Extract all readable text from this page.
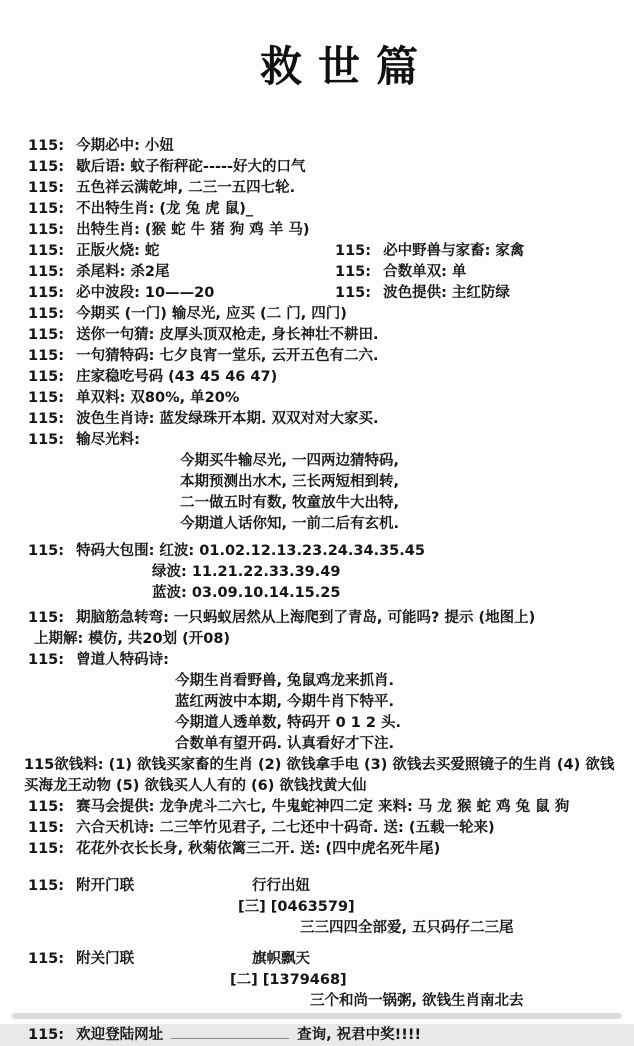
救世篇
115: 今期必中: 小妞
115: 歇后语: 蚊子衔秤砣-----好大的口气
115: 五色祥云满乾坤, 二三一五四七轮.
115: 不出特生肖: (龙 兔 虎 鼠)_
115: 出特生肖: (猴 蛇 牛 猪 狗 鸡 羊 马)
115: 正版火烧: 蛇	115: 必中野兽与家畜: 家禽
115: 杀尾料: 杀2尾	115: 合数单双: 单
115: 必中波段: 10——20	115: 波色提供: 主红防绿
115: 今期买 (一门) 输尽光, 应买 (二 门, 四门)
115: 送你一句猜: 皮厚头顶双枪走, 身长神壮不耕田.
115: 一句猜特码: 七夕良宵一堂乐, 云开五色有二六.
115: 庄家稳吃号码 (43 45 46 47)
115: 单双料: 双80%, 单20%
115: 波色生肖诗: 蓝发绿珠开本期. 双双对对大家买.
115: 输尽光料:
今期买牛输尽光, 一四两边猜特码,
本期预测出水木, 三长两短相到转,
二一做五时有数, 牧童放牛大出特,
今期道人话你知, 一前二后有玄机.
115: 特码大包围: 红波: 01.02.12.13.23.24.34.35.45
绿波: 11.21.22.33.39.49
蓝波: 03.09.10.14.15.25
115: 期脑筋急转弯: 一只蚂蚁居然从上海爬到了青岛, 可能吗? 提示 (地图上)
上期解: 模仿, 共20划 (开08)
115: 曾道人特码诗:
今期生肖看野兽, 兔鼠鸡龙来抓肖.
蓝红两波中本期, 今期牛肖下特平.
今期道人透单数, 特码开 0 1 2 头.
合数单有望开码. 认真看好才下注.
115欲钱料: (1) 欲钱买家畜的生肖 (2) 欲钱拿手电 (3) 欲钱去买爱照镜子的生肖 (4) 欲钱买海龙王动物 (5) 欲钱买人人有的 (6) 欲钱找黄大仙
115: 赛马会提供: 龙争虎斗二六七, 牛鬼蛇神四二定 来料: 马 龙 猴 蛇 鸡 兔 鼠 狗
115: 六合天机诗: 二三竿竹见君子, 二七还中十码奇. 送: (五载一轮来)
115: 花花外衣长长身, 秋菊依篱三二开. 送: (四中虎名死牛尾)
115: 附开门联	行行出妞
[三] [0463579]
三三四四全部爱, 五只码仔二三尾
115: 附关门联	旗帜飘天
[二] [1379468]
三个和尚一锅粥, 欲钱生肖南北去
115: 欢迎登陆网址	查询, 祝君中奖!!!!
